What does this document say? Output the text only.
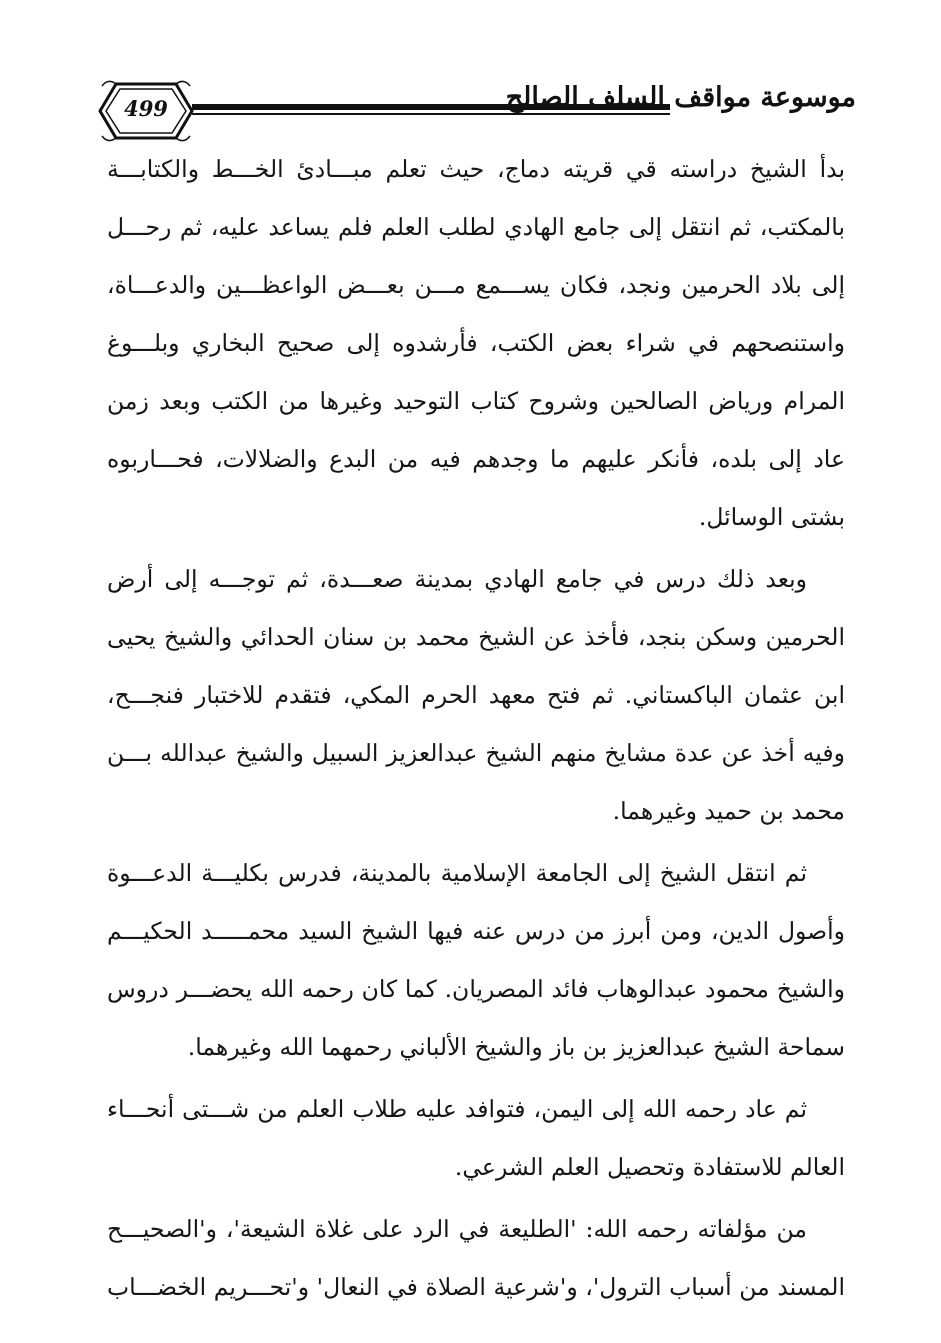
499	موسوعة مواقف السلف الصالح
بدأ الشيخ دراسته قي قريته دماج، حيث تعلم مبـــادئ الخـــط والكتابـــة
بالمكتب، ثم انتقل إلى جامع الهادي لطلب العلم فلم يساعد عليه، ثم رحـــل
إلى بلاد الحرمين ونجد، فكان يســـمع مـــن بعـــض الواعظـــين والدعـــاة،
واستنصحهم في شراء بعض الكتب، فأرشدوه إلى صحيح البخاري وبلـــوغ
المرام ورياض الصالحين وشروح كتاب التوحيد وغيرها من الكتب وبعد زمن
عاد إلى بلده، فأنكر عليهم ما وجدهم فيه من البدع والضلالات، فحـــاربوه
بشتى الوسائل.
وبعد ذلك درس في جامع الهادي بمدينة صعـــدة، ثم توجـــه إلى أرض
الحرمين وسكن بنجد، فأخذ عن الشيخ محمد بن سنان الحدائي والشيخ يحيى
ابن عثمان الباكستاني. ثم فتح معهد الحرم المكي، فتقدم للاختبار فنجـــح،
وفيه أخذ عن عدة مشايخ منهم الشيخ عبدالعزيز السبيل والشيخ عبدالله بـــن
محمد بن حميد وغيرهما.
ثم انتقل الشيخ إلى الجامعة الإسلامية بالمدينة، فدرس بكليـــة الدعـــوة
وأصول الدين، ومن أبرز من درس عنه فيها الشيخ السيد محمـــــد الحكيـــم
والشيخ محمود عبدالوهاب فائد المصريان. كما كان رحمه الله يحضـــر دروس
سماحة الشيخ عبدالعزيز بن باز والشيخ الألباني رحمهما الله وغيرهما.
ثم عاد رحمه الله إلى اليمن، فتوافد عليه طلاب العلم من شـــتى أنحـــاء
العالم للاستفادة وتحصيل العلم الشرعي.
من مؤلفاته رحمه الله: 'الطليعة في الرد على غلاة الشيعة'، و'الصحيـــح
المسند من أسباب الترول'، و'شرعية الصلاة في النعال' و'تحـــريم الخضـــاب
